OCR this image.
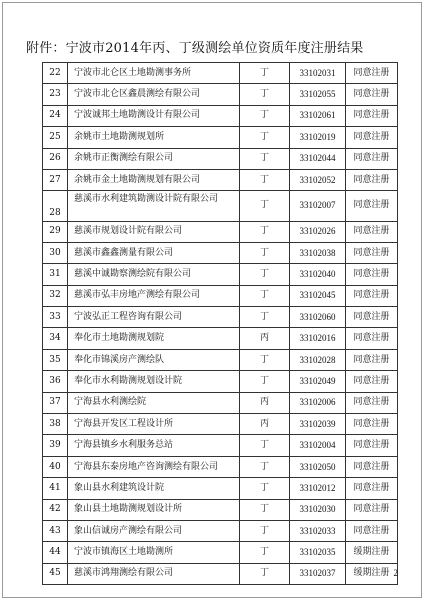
附件：宁波市2014年丙、丁级测绘单位资质年度注册结果
22	宁波市北仑区土地勘测事务所	丁	33102031	同意注册
23	宁波市北仑区鑫晨测绘有限公司	丁	33102055	同意注册
24	宁波诚邦土地勘测设计有限公司	丁	33102061	同意注册
25	余姚市土地勘测规划所	丁	33102019	同意注册
26	余姚市正衡测绘有限公司	丁	33102044	同意注册
27	余姚市金土地勘测规划有限公司	丁	33102052	同意注册
28	慈溪市水利建筑勘测设计院有限公司	丁	33102007	同意注册
29	慈溪市规划设计院有限公司	丁	33102026	同意注册
30	慈溪市鑫鑫测量有限公司	丁	33102038	同意注册
31	慈溪中诚勘察测绘院有限公司	丁	33102040	同意注册
32	慈溪市弘丰房地产测绘有限公司	丁	33102045	同意注册
33	宁波弘正工程咨询有限公司	丁	33102060	同意注册
34	奉化市土地勘测规划院	丙	33102016	同意注册
35	奉化市锦溪房产测绘队	丁	33102028	同意注册
36	奉化市水利勘测规划设计院	丁	33102049	同意注册
37	宁海县水利测绘院	丙	33102006	同意注册
38	宁海县开发区工程设计所	丙	33102039	同意注册
39	宁海县镇乡水利服务总站	丁	33102004	同意注册
40	宁海县东泰房地产咨询测绘有限公司	丁	33102050	同意注册
41	象山县水利建筑设计院	丁	33102012	同意注册
42	象山县土地勘测规划设计所	丁	33102030	同意注册
43	象山信诚房产测绘有限公司	丁	33102033	同意注册
44	宁波市镇海区土地勘测所	丁	33102035	缓期注册
45	慈溪市鸿翔测绘有限公司	丁	33102037	缓期注册 2
